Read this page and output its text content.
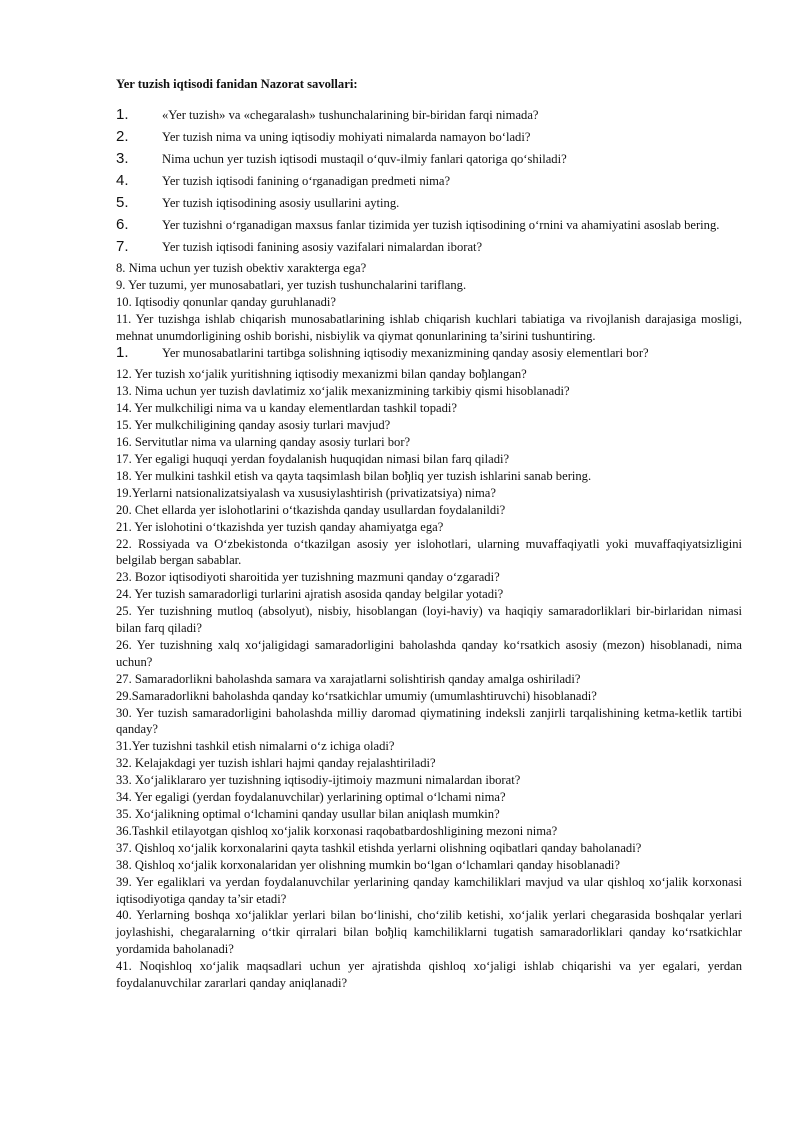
Yer tuzish iqtisodi fanidan Nazorat savollari:

1.	«Yer tuzish» va «chegaralash» tushunchalarining bir-biridan farqi nimada?

2.	Yer tuzish nima va uning iqtisodiy mohiyati nimalarda namayon bo‘ladi?

3.	Nima uchun yer tuzish iqtisodi mustaqil o‘quv-ilmiy fanlari qatoriga qo‘shiladi?

4.	Yer tuzish iqtisodi fanining o‘rganadigan predmeti nima?

5.	Yer tuzish iqtisodining asosiy usullarini ayting.

6.	Yer tuzishni o‘rganadigan maxsus fanlar tizimida yer tuzish iqtisodining o‘rnini va ahamiyatini asoslab bering.

7.	Yer tuzish iqtisodi fanining asosiy vazifalari nimalardan iborat?

8. Nima uchun yer tuzish obektiv xarakterga ega?

9. Yer tuzumi, yer munosabatlari, yer tuzish tushunchalarini tariflang.

10. Iqtisodiy qonunlar qanday guruhlanadi?

11. Yer tuzishga ishlab chiqarish munosabatlarining ishlab chiqarish kuchlari tabiatiga va rivojlanish darajasiga mosligi, mehnat unumdorligining oshib borishi, nisbiylik va qiymat qonunlarining ta’sirini tushuntiring.

1.	Yer munosabatlarini tartibga solishning iqtisodiy mexanizmining qanday asosiy elementlari bor?

12. Yer tuzish xo‘jalik yuritishning iqtisodiy mexanizmi bilan qanday boђlangan?

13. Nima uchun yer tuzish davlatimiz xo‘jalik mexanizmining tarkibiy qismi hisoblanadi?

14. Yer mulkchiligi nima va u kanday elementlardan tashkil topadi?

15. Yer mulkchiligining qanday asosiy turlari mavjud?

16. Servitutlar nima va ularning qanday asosiy turlari bor?

17. Yer egaligi huquqi yerdan foydalanish huquqidan nimasi bilan farq qiladi?

18. Yer mulkini tashkil etish va qayta taqsimlash bilan boђliq yer tuzish ishlarini sanab bering.

19.Yerlarni natsionalizatsiyalash va xususiylashtirish (privatizatsiya) nima?

20. Chet ellarda yer islohotlarini o‘tkazishda qanday usullardan foydalanildi?

21. Yer islohotini o‘tkazishda yer tuzish qanday ahamiyatga ega?

22. Rossiyada va O‘zbekistonda o‘tkazilgan asosiy yer islohotlari, ularning muvaffaqiyatli yoki muvaffaqiyatsizligini belgilab bergan sabablar.

23. Bozor iqtisodiyoti sharoitida yer tuzishning mazmuni qanday o‘zgaradi?

24. Yer tuzish samaradorligi turlarini ajratish asosida qanday belgilar yotadi?

25. Yer tuzishning mutloq (absolyut), nisbiy, hisoblangan (loyi-haviy) va haqiqiy samaradorliklari bir-birlaridan nimasi bilan farq qiladi?

26. Yer tuzishning xalq xo‘jaligidagi samaradorligini baholashda qanday ko‘rsatkich asosiy (mezon) hisoblanadi, nima uchun?

27. Samaradorlikni baholashda samara va xarajatlarni solishtirish qanday amalga oshiriladi?

29.Samaradorlikni baholashda qanday ko‘rsatkichlar umumiy (umumlashtiruvchi) hisoblanadi?

30. Yer tuzish samaradorligini baholashda milliy daromad qiymatining indeksli zanjirli tarqalishining ketma-ketlik tartibi qanday?

31.Yer tuzishni tashkil etish nimalarni o‘z ichiga oladi?

32. Kelajakdagi yer tuzish ishlari hajmi qanday rejalashtiriladi?

33. Xo‘jaliklararo yer tuzishning iqtisodiy-ijtimoiy mazmuni nimalardan iborat?

34. Yer egaligi (yerdan foydalanuvchilar) yerlarining optimal o‘lchami nima?

35. Xo‘jalikning optimal o‘lchamini qanday usullar bilan aniqlash mumkin?

36.Tashkil etilayotgan qishloq xo‘jalik korxonasi raqobatbardoshligining mezoni nima?

37. Qishloq xo‘jalik korxonalarini qayta tashkil etishda yerlarni olishning oqibatlari qanday baholanadi?

38. Qishloq xo‘jalik korxonalaridan yer olishning mumkin bo‘lgan o‘lchamlari qanday hisoblanadi?

39. Yer egaliklari va yerdan foydalanuvchilar yerlarining qanday kamchiliklari mavjud va ular qishloq xo‘jalik korxonasi iqtisodiyotiga qanday ta’sir etadi?

40. Yerlarning boshqa xo‘jaliklar yerlari bilan bo‘linishi, cho‘zilib ketishi, xo‘jalik yerlari chegarasida boshqalar yerlari joylashishi, chegaralarning o‘tkir qirralari bilan boђliq kamchiliklarni tugatish samaradorliklari qanday ko‘rsatkichlar yordamida baholanadi?

41. Noqishloq xo‘jalik maqsadlari uchun yer ajratishda qishloq xo‘jaligi ishlab chiqarishi va yer egalari, yerdan foydalanuvchilar zararlari qanday aniqlanadi?
